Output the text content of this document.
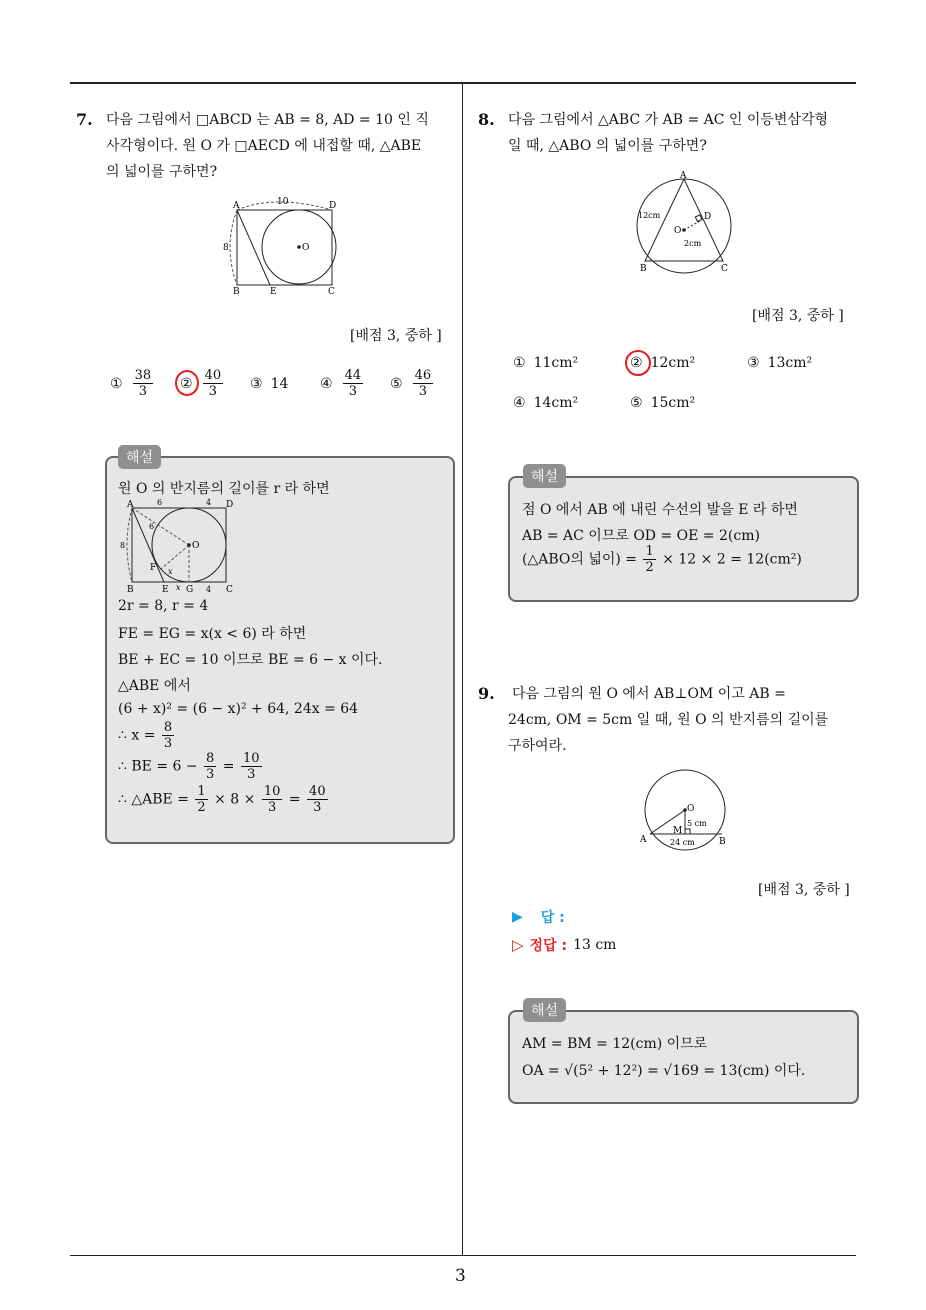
3
7. 다음 그림에서 □ABCD 는 AB = 8, AD = 10 인 직
사각형이다. 원 O 가 □AECD 에 내접할 때, △ABE
의 넓이를 구하면?
A	D
B	E	C
O
10
8
[배점 3, 중하 ]
① $\frac{38}{3}$ ② $\frac{40}{3}$ ③ 14 ④ $\frac{44}{3}$ ⑤ $\frac{46}{3}$
해설
원 O 의 반지름의 길이를 r 라 하면
A	D
B	E G	C
F
O
6	4
6
8
x	4
x
2r = 8, r = 4
FE = EG = x(x < 6) 라 하면
BE + EC = 10 이므로 BE = 6 − x 이다.
△ABE 에서
(6 + x)² = (6 − x)² + 64, 24x = 64
∴ $x = \frac{8}{3}$
∴ BE = $6 - \frac{8}{3} = \frac{10}{3}$
∴ △ABE = $\frac{1}{2} \times 8 \times \frac{10}{3} = \frac{40}{3}$
8. 다음 그림에서 △ABC 가 AB = AC 인 이등변삼각형
일 때, △ABO 의 넓이를 구하면?
A
B	C
D
O
12cm
2cm
[배점 3, 중하 ]
① 11cm²	② 12cm²	③ 13cm²
④ 14cm²	⑤ 15cm²
해설
점 O 에서 AB 에 내린 수선의 발을 E 라 하면
AB = AC 이므로 OD = OE = 2(cm)
(△ABO의 넓이) = $\frac{1}{2} \times 12 \times 2 = 12(cm^2)$
9. 다음 그림의 원 O 에서 AB⊥OM 이고 AB =
24cm, OM = 5cm 일 때, 원 O 의 반지름의 길이를
구하여라.
O
M
A	B
5 cm
24 cm
[배점 3, 중하 ]
▶ 답 :
▷ 정답 : 13 cm
해설
AM = BM = 12(cm) 이므로
OA = √(5² + 12²) = √169 = 13(cm) 이다.
